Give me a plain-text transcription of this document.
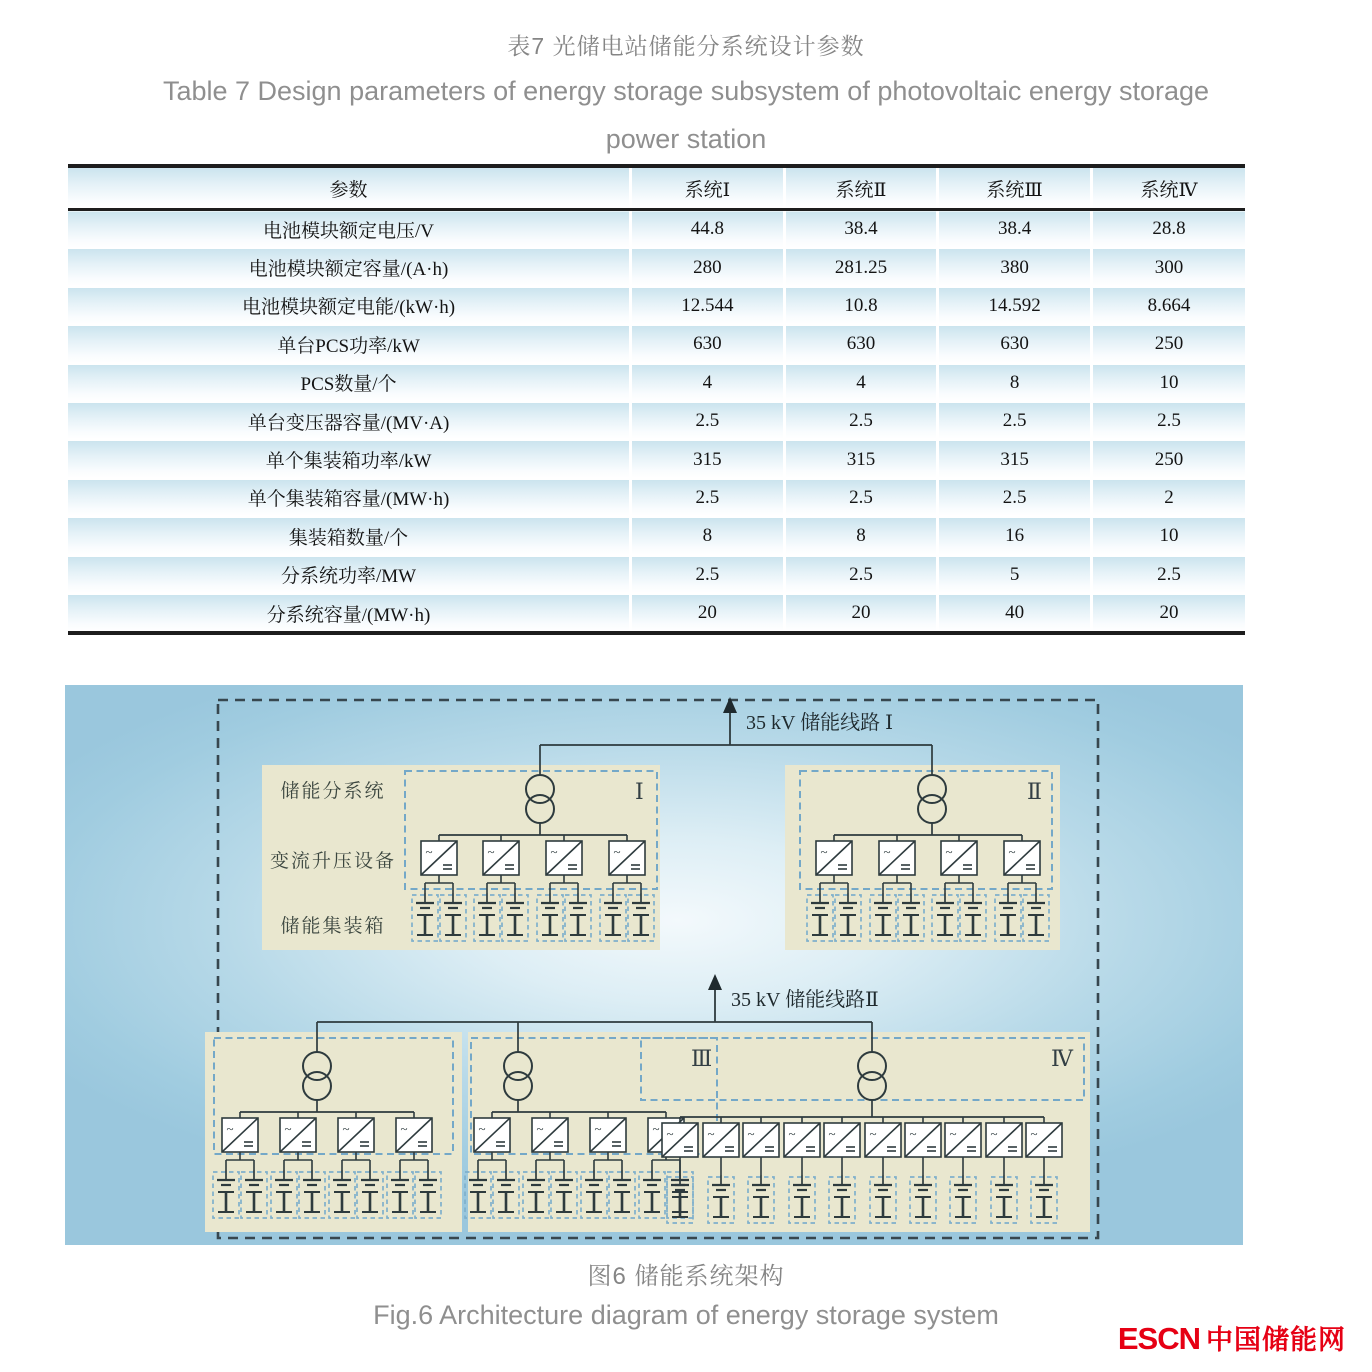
表7 光储电站储能分系统设计参数
Table 7 Design parameters of energy storage subsystem of photovoltaic energy storage
power station
参数	系统Ⅰ	系统Ⅱ	系统Ⅲ	系统Ⅳ
电池模块额定电压/V	44.8	38.4	38.4	28.8
电池模块额定容量/(A·h)	280	281.25	380	300
电池模块额定电能/(kW·h)	12.544	10.8	14.592	8.664
单台PCS功率/kW	630	630	630	250
PCS数量/个	4	4	8	10
单台变压器容量/(MV·A)	2.5	2.5	2.5	2.5
单个集装箱功率/kW	315	315	315	250
单个集装箱容量/(MW·h)	2.5	2.5	2.5	2
集装箱数量/个	8	8	16	10
分系统功率/MW	2.5	2.5	5	2.5
分系统容量/(MW·h)	20	20	40	20
~
35 kV 储能线路 Ⅰ
35 kV 储能线路Ⅱ
储能分系统
变流升压设备
储能集装箱
Ⅰ	Ⅱ
Ⅲ	Ⅳ
图6 储能系统架构
Fig.6 Architecture diagram of energy storage system
ESCN 中国储能网
